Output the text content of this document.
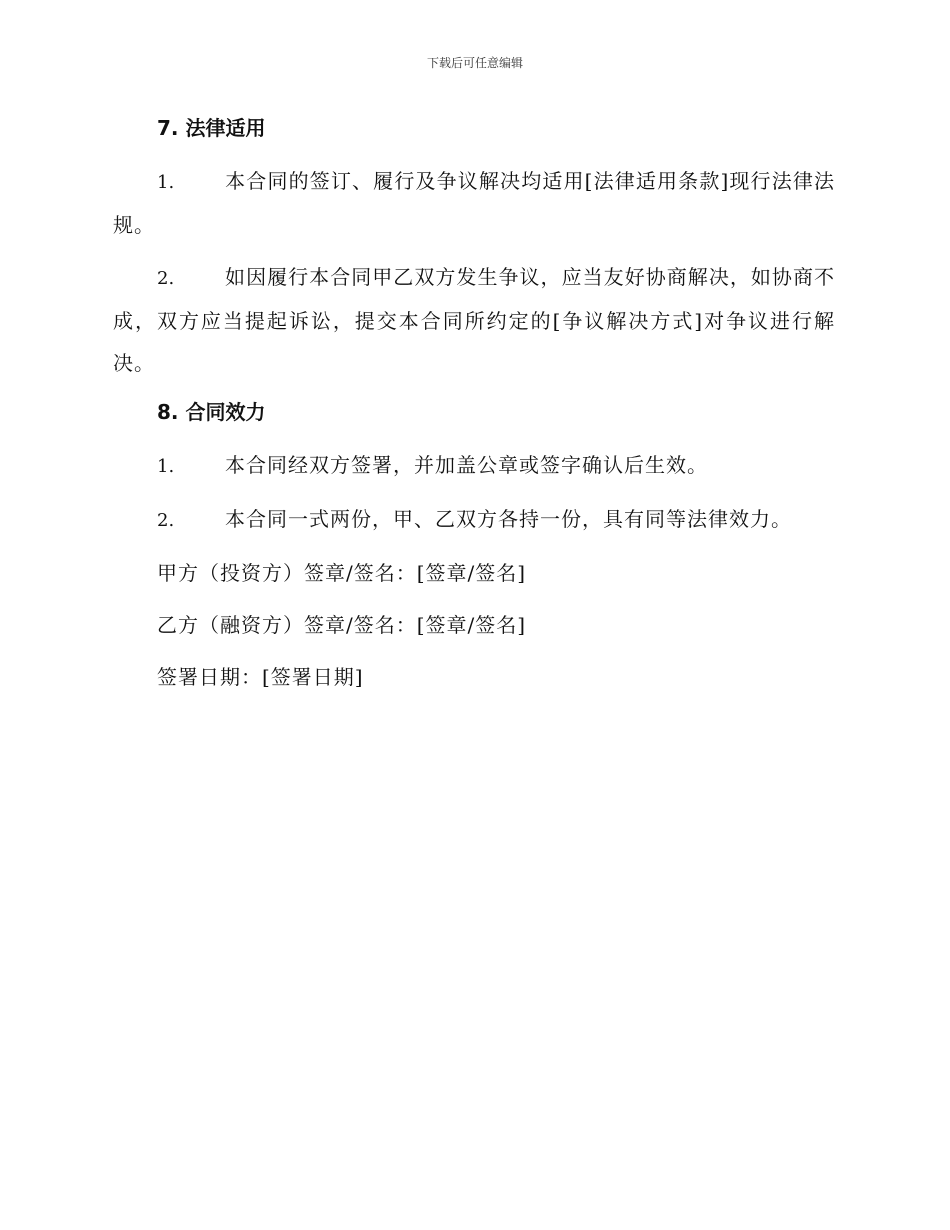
下载后可任意编辑
7. 法律适用

1.	本合同的签订、履行及争议解决均适用[法律适用条款]现行法律法规。

2.	如因履行本合同甲乙双方发生争议，应当友好协商解决，如协商不成，双方应当提起诉讼，提交本合同所约定的[争议解决方式]对争议进行解决。

8. 合同效力

1.	本合同经双方签署，并加盖公章或签字确认后生效。

2.	本合同一式两份，甲、乙双方各持一份，具有同等法律效力。

甲方（投资方）签章/签名：[签章/签名]
乙方（融资方）签章/签名：[签章/签名]
签署日期：[签署日期]
